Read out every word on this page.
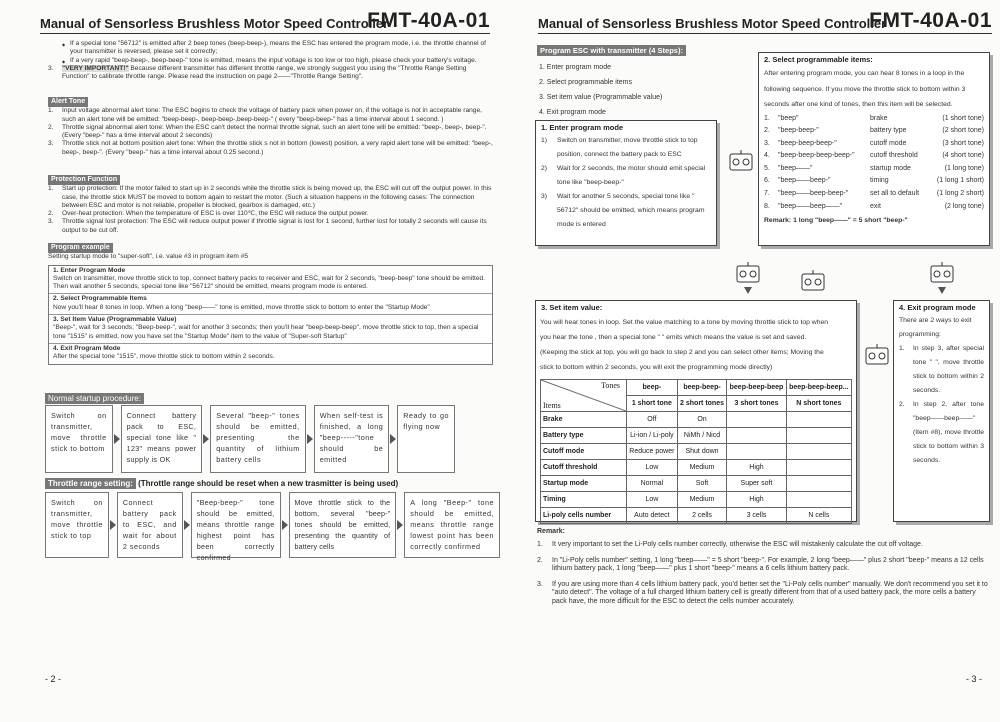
Manual of Sensorless Brushless Motor Speed Controller
FMT-40A-01
◆ If a special tone "56712" is emitted after 2 beep tones (beep-beep-), means the ESC has entered the program mode, i.e. the throttle channel of your transmitter is reversed, please set it correctly;
◆ If a very rapid "beep-beep-, beep-beep-" tone is emitted, means the input voltage is too low or too high, please check your battery's voltage.
3.	"VERY IMPORTANT!" Because different transmitter has different throttle range, we strongly suggest you using the "Throttle Range Setting Function" to calibrate throttle range. Please read the instruction on page 2——"Throttle Range Setting".
Alert Tone
1.	Input voltage abnormal alert tone: The ESC begins to check the voltage of battery pack when power on, if the voltage is not in acceptable range, such an alert tone will be emitted: "beep-beep-, beep-beep-,beep-beep-" ( every "beep-beep-" has a time interval about 1 second. )
2.	Throttle signal abnormal alert tone: When the ESC can't detect the normal throttle signal, such an alert tone will be emitted: "beep-, beep-, beep-". (Every "beep-" has a time interval about 2 seconds)
3.	Throttle stick not at bottom position alert tone: When the throttle stick s not in bottom (lowest) position, a very rapid alert tone will be emitted: "beep-, beep-, beep-". (Every "beep-" has a time interval about 0.25 second.)
Protection Function
1.	Start up protection: If the motor failed to start up in 2 seconds while the throttle stick is being moved up, the ESC will cut off the output power. In this case, the throttle stick MUST be moved to bottom again to restart the motor. (Such a situation happens in the following cases: The connection between ESC and motor is not reliable, propeller is blocked, gearbox is damaged, etc.)
2.	Over-heat protection: When the temperature of ESC is over 110℃, the ESC will reduce the output power.
3.	Throttle signal lost protection: The ESC will reduce output power if throttle signal is lost for 1 second, further lost for totally 2 seconds will cause its output to be cut off.
Program example
Setting startup mode to "super-soft", i.e. value #3 in program item #5
1. Enter Program Mode
Switch on transmitter, move throttle stick to top, connect battery packs to receiver and ESC, wait for 2 seconds, "beep-beep" tone should be emitted. Then wait another 5 seconds, special tone like "56712" should be emitted, means program mode is entered.
2. Select Programmable Items
Now you'll hear 8 tones in loop. When a long "beep——" tone is emitted, move throttle stick to bottom to enter the "Startup Mode"
3. Set Item Value (Programmable Value)
"Beep-", wait for 3 seconds; "Beep-beep-", wait for another 3 seconds; then you'll hear "beep-beep-beep", move throttle stick to top, then a special tone "1515" is emitted, now you have set the "Startup Mode" item to the value of "Super-soft Startup"
4. Exit Program Mode
After the special tone "1515", move throttle stick to bottom within 2 seconds.
Normal startup procedure:
Switch on transmitter, move throttle stick to bottom
Connect battery pack to ESC, special tone like " 123" means power supply is OK
Several "beep-" tones should be emitted, presenting the quantity of lithium battery cells
When self-test is finished, a long "beep-----"tone should be emitted
Ready to go flying now
Throttle range setting: (Throttle range should be reset when a new trasmitter is being used)
Switch on transmitter, move throttle stick to top
Connect battery pack to ESC, and wait for about 2 seconds
"Beep-beep-" tone should be emitted, means throttle range highest point has been correctly confirmed
Move throttle stick to the bottom, several "beep-" tones should be emitted, presenting the quantity of battery cells
A long "Beep-" tone should be emitted, means throttle range lowest point has been correctly confirmed
- 2 -
Manual of Sensorless Brushless Motor Speed Controller
FMT-40A-01
Program ESC with transmitter (4 Steps):
1. Enter program mode
2. Select programmable items
3. Set item value (Programmable value)
4. Exit program mode
1. Enter program mode
1)	Switch on transmitter, move throttle stick to top position, connect the battery pack to ESC
2)	Wait for 2 seconds, the motor should emit special tone like "beep-beep-"
3)	Wait for another 5 seconds, special tone like " 56712" should be emitted, which means program mode is entered
2. Select programmable items:
After entering program mode, you can hear 8 tones in a loop in the following sequence. If you move the throttle stick to bottom within 3 seconds after one kind of tones, then this item will be selected.
1.	"beep"	brake	(1 short tone)
2.	"beep-beep-"	battery type	(2 short tone)
3.	"beep-beep-beep-"	cutoff mode	(3 short tone)
4.	"beep-beep-beep-beep-"	cutoff threshold	(4 short tone)
5.	"beep——"	startup mode	(1 long tone)
6.	"beep——beep-"	timing	(1 long 1 short)
7.	"beep——beep-beep-"	set all to default	(1 long 2 short)
8.	"beep——beep——"	exit	(2 long tone)
Remark: 1 long "beep——" = 5 short "beep-"
3. Set item value:
You will hear tones in loop. Set the value matching to a tone by moving throttle stick to top when
you hear the tone , then a special tone " " emits which means the value is set and saved.
(Keeping the stick at top, you will go back to step 2 and you can select other items; Moving the
stick to bottom within 2 seconds, you will exit the programming mode directly)
Tones
Items	beep-	beep-beep-	beep-beep-beep	beep-beep-beep...
	1 short tone	2 short tones	3 short tones	N short tones
Brake	Off	On		
Battery type	Li-ion / Li-poly	NiMh / Nicd		
Cutoff mode	Reduce power	Shut down		
Cutoff threshold	Low	Medium	High	
Startup mode	Normal	Soft	Super soft	
Timing	Low	Medium	High	
Li-poly cells number	Auto detect	2 cells	3 cells	N cells
4. Exit program mode
There are 2 ways to exit programming:
1.	In step 3, after special tone " ", move throttle stick to bottom within 2 seconds.
2.	In step 2, after tone "beep——beep——" (Item #8), move throttle stick to bottom within 3 seconds.
Remark:
1.	It very important to set the Li-Poly cells number correctly, otherwise the ESC will mistakenly calculate the cut off voltage.
2.	In "Li-Poly cells number" setting, 1 long "beep——" = 5 short "beep-". For example, 2 long "beep——" plus 2 short "beep-" means a 12 cells lithium battery pack, 1 long "beep——" plus 1 short "beep-" means a 6 cells lithium battery pack.
3.	If you are using more than 4 cells lithium battery pack, you'd better set the "Li-Poly cells number" manually. We don't recommend you set it to "auto detect". The voltage of a full charged lithium battery cell is greatly different from that of a used battery pack, the more cells a battery pack have, the more difficult for the ESC to detect the cells number accurately.
- 3 -
